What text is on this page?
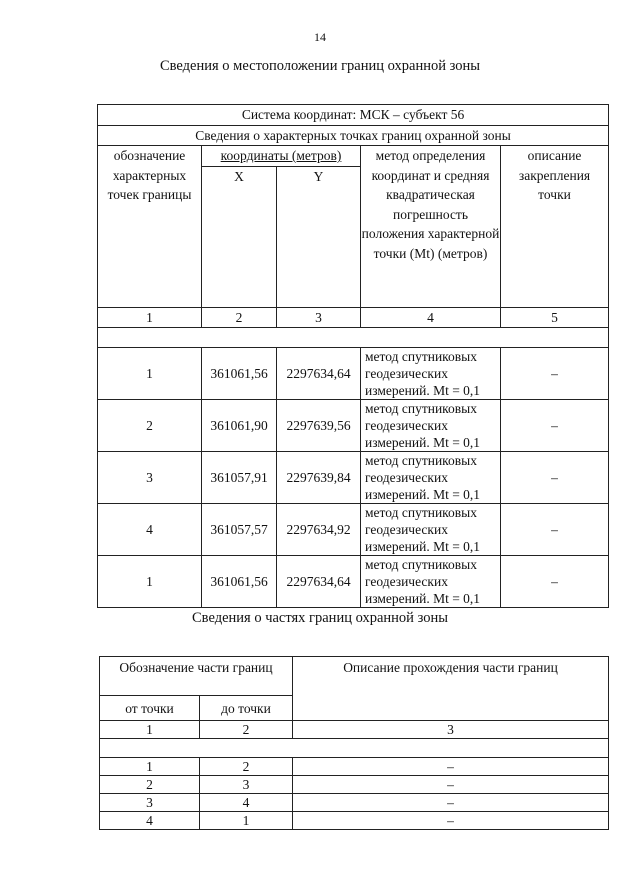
14
Сведения о местоположении границ охранной зоны
Система координат: МСК – субъект 56				
Сведения о характерных точках границ охранной зоны				
обозначение характерных точек границы	координаты (метров)		метод определения координат и средняя квадратическая погрешность положения характерной точки (Mt) (метров)	описание закрепления точки
	X	Y		
1	2	3	4	5

1	361061,56	2297634,64	метод спутниковых геодезических измерений. Mt = 0,1	–
2	361061,90	2297639,56	метод спутниковых геодезических измерений. Mt = 0,1	–
3	361057,91	2297639,84	метод спутниковых геодезических измерений. Mt = 0,1	–
4	361057,57	2297634,92	метод спутниковых геодезических измерений. Mt = 0,1	–
1	361061,56	2297634,64	метод спутниковых геодезических измерений. Mt = 0,1	–
Сведения о частях границ охранной зоны
Обозначение части границ		Описание прохождения части границ
от точки	до точки	
1	2	3

1	2	–
2	3	–
3	4	–
4	1	–
